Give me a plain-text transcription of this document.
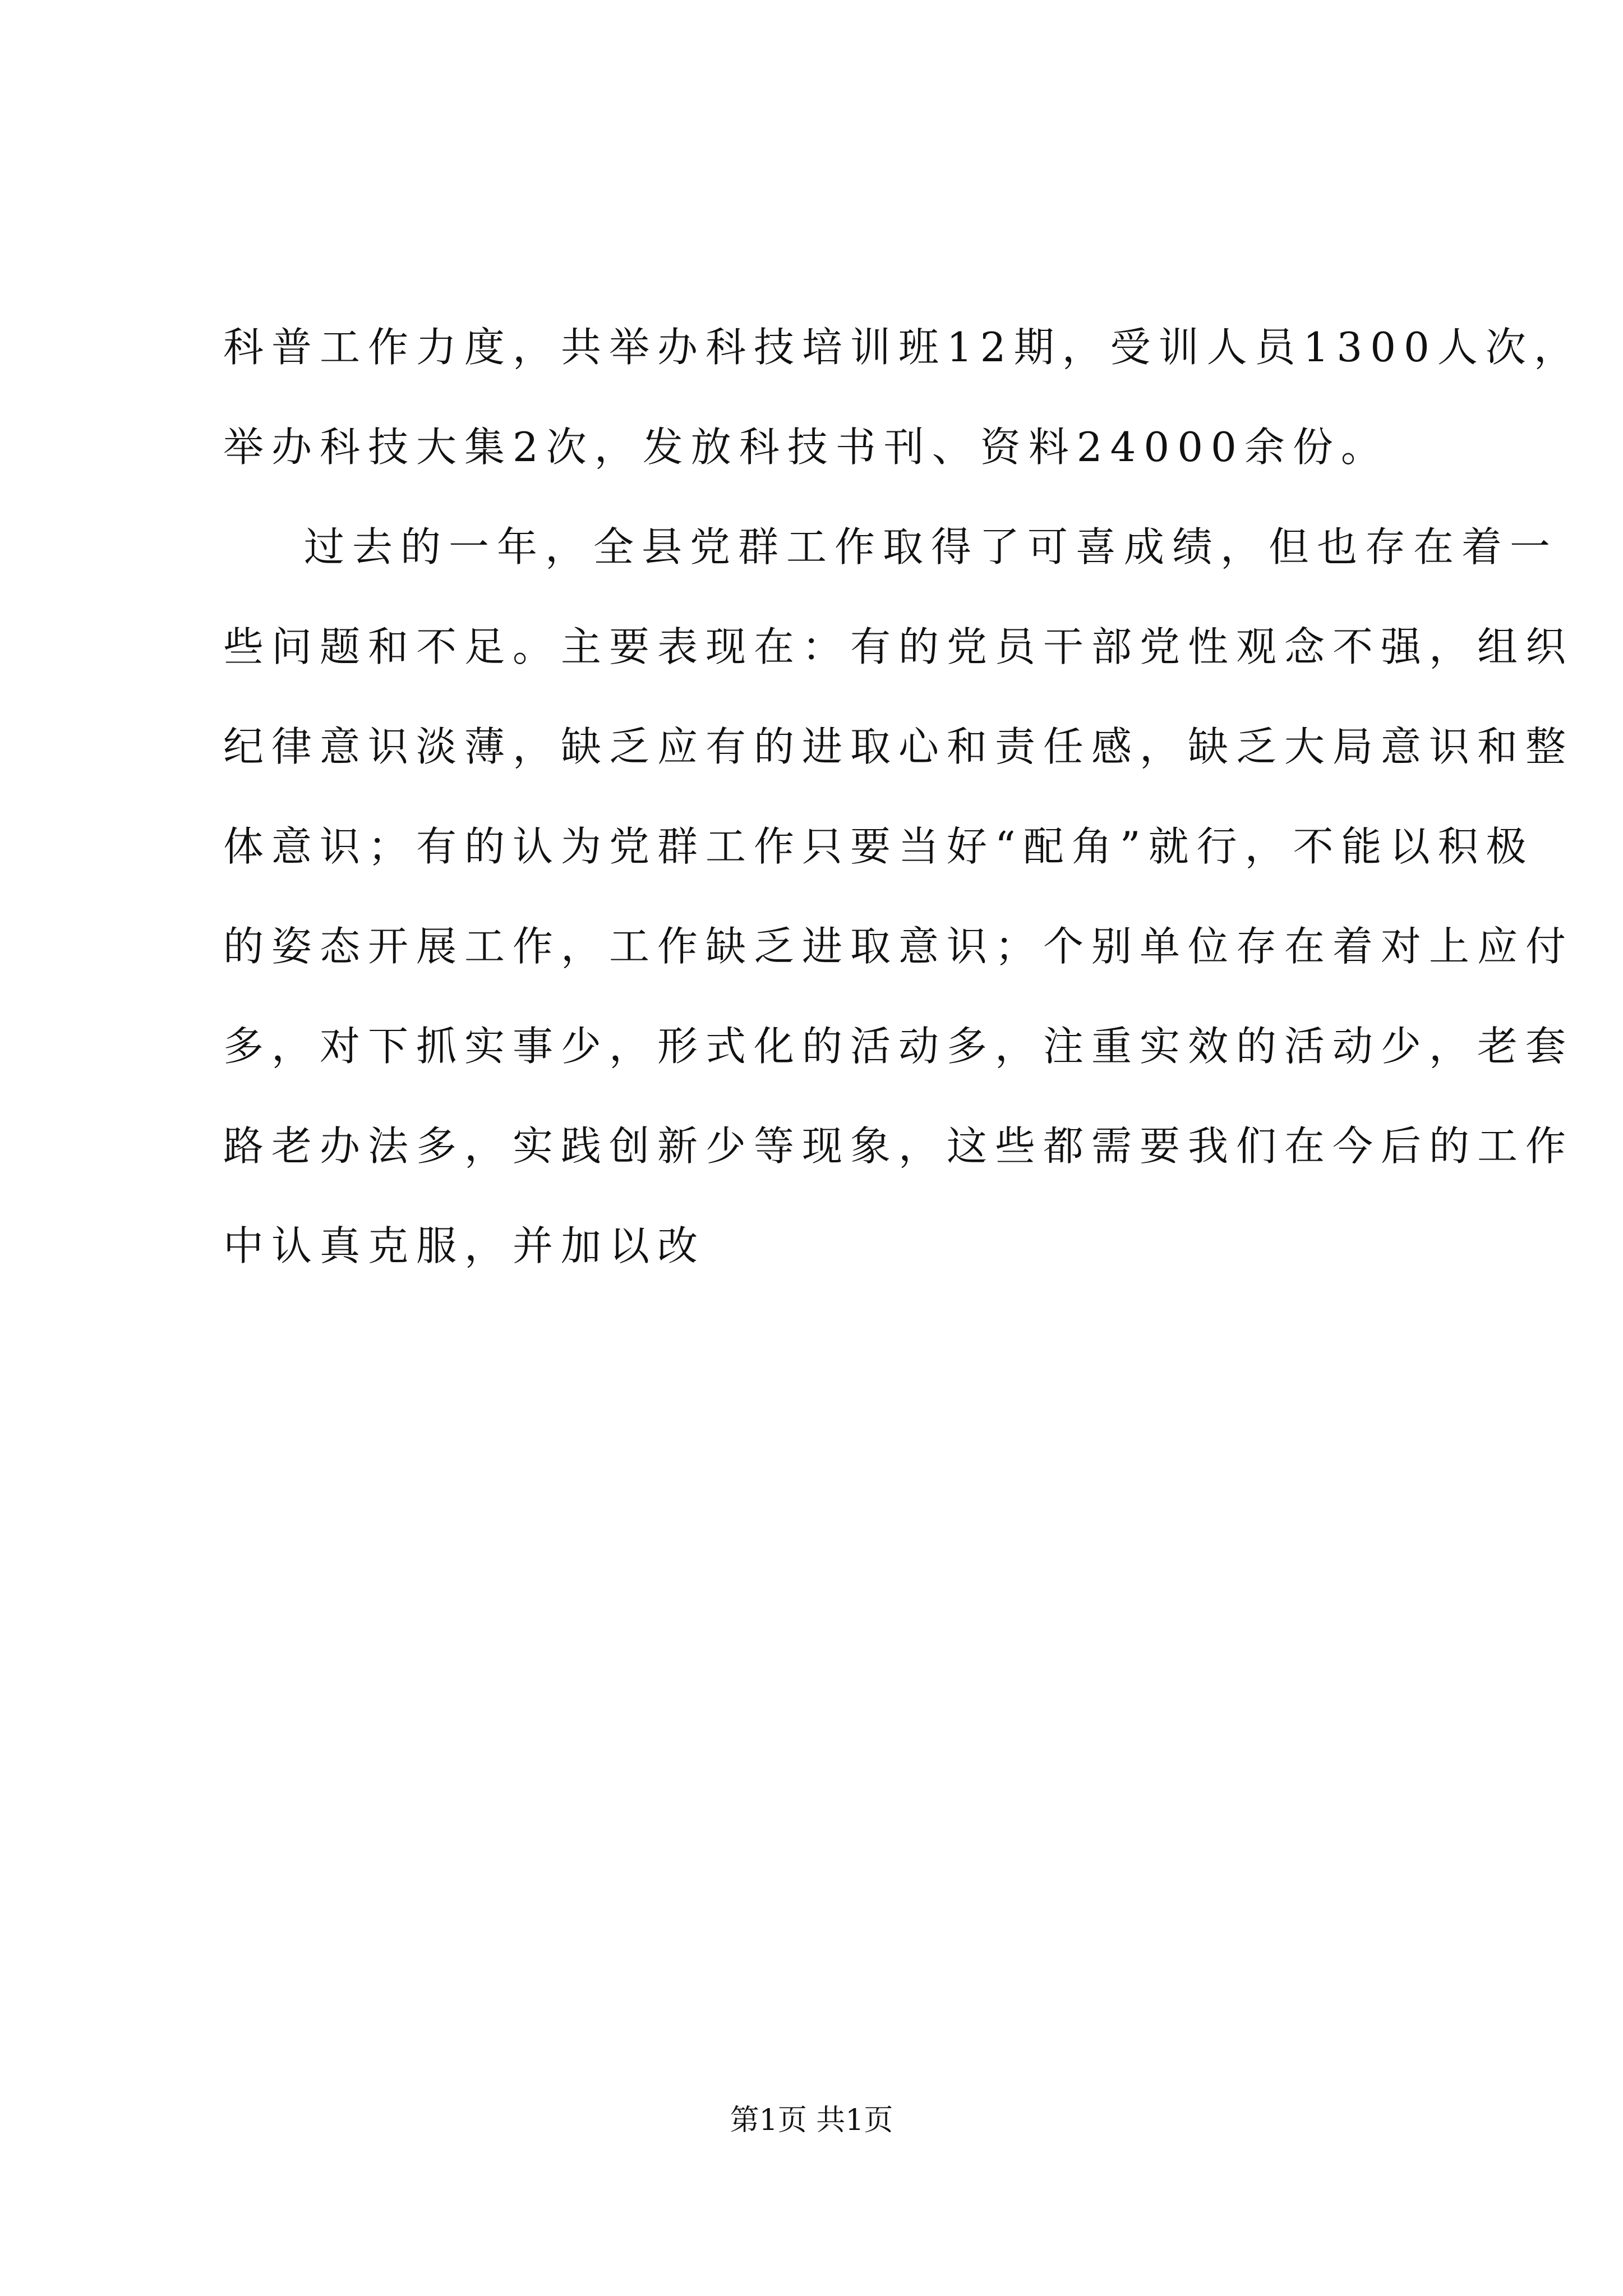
科普工作力度，共举办科技培训班12期，受训人员1300人次，
举办科技大集2次，发放科技书刊、资料24000余份。
过去的一年，全县党群工作取得了可喜成绩，但也存在着一
些问题和不足。主要表现在：有的党员干部党性观念不强，组织
纪律意识淡薄，缺乏应有的进取心和责任感，缺乏大局意识和整
体意识；有的认为党群工作只要当好“配角”就行，不能以积极
的姿态开展工作，工作缺乏进取意识；个别单位存在着对上应付
多，对下抓实事少，形式化的活动多，注重实效的活动少，老套
路老办法多，实践创新少等现象，这些都需要我们在今后的工作
中认真克服，并加以改
第1页 共1页
